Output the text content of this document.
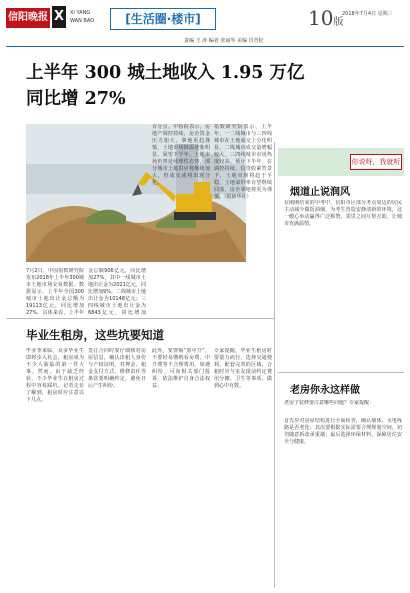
信阳晚报 X	XI YANG
WAN BAO	[生活圈·楼市]	10版
2018年7月4日 星期三
责编 王 涛 编者 张丽琴 美编 肖青松
上半年 300 城土地收入 1.95 万亿
同比增 27%
7月2日，中国指数研究院发布2018年上半年300城市土地市场交易数据。数据显示，上半年全国300城市土地出让金总额为19113亿元，同比增加27%。具体来看，上半年
金总额906亿元，同比增加27%，其中一线城市土地出让金为2021亿元，同比增加9%。二线城市土地出让金为10148亿元；三四线城市土地出让金为6843亿元，同比增加
百分点。中指院表示，房地产调控持续，房企资金压力加大，拿地更趋谨慎，土地市场降温迹象明显。展望下半年，土地市场仍将延续理性态势，部分城市土地供应将继续加大，但成交或将出现分化。
指数研究院表示，上半年，一二线城市与三四线城市在土地成交上分化明显，二线城市成交量增幅较大，三四线城市市场热度较高。预计下半年，在调控持续、信贷收紧背景下，土地市场将趋于平稳，土地溢价率有望继续回落，房企拿地将更为谨慎。（据新华社）
毕业生租房，这些坑要知道
毕业季来临，众多毕业生即将步入社会，租房成为不少人面临的第一件大事。然而，由于缺乏经验，不少毕业生在租房过程中容易踩坑。记者走访了解到，租房时应注意以下几点。
签订合同时要仔细核对房屋信息，确认出租人身份与产权证明，对押金、租金支付方式、维修责任等条款要明确约定，避免日后产生纠纷。
此外，要警惕“黑中介”，不要轻易缴纳看房费、中介费等不合理费用。如遇纠纷，可向相关部门投诉，依法维护自身合法权益。
专家提醒，毕业生租房时要量力而行，选择交通便利、配套完善的区域，合租时应与室友提前约定费用分摊、卫生等事项，做到心中有数。
你说呀，我就听
烟道止说润风
在刚刚结束的中考中，信阳市区部分考点周边的居民主动减少做饭油烟，为考生营造安静清新的环境，这一暖心举动赢得广泛称赞。邻里之间互帮互助，让城市充满温情。
老房你永这样做
老房子装修要注意哪些问题？专家提醒：
首先应对房屋结构进行全面检查，确认墙体、水电线路是否老化；其次要根据实际需要合理规划空间，切勿随意拆改承重墙；最后选择环保材料，保障居住安全与健康。
